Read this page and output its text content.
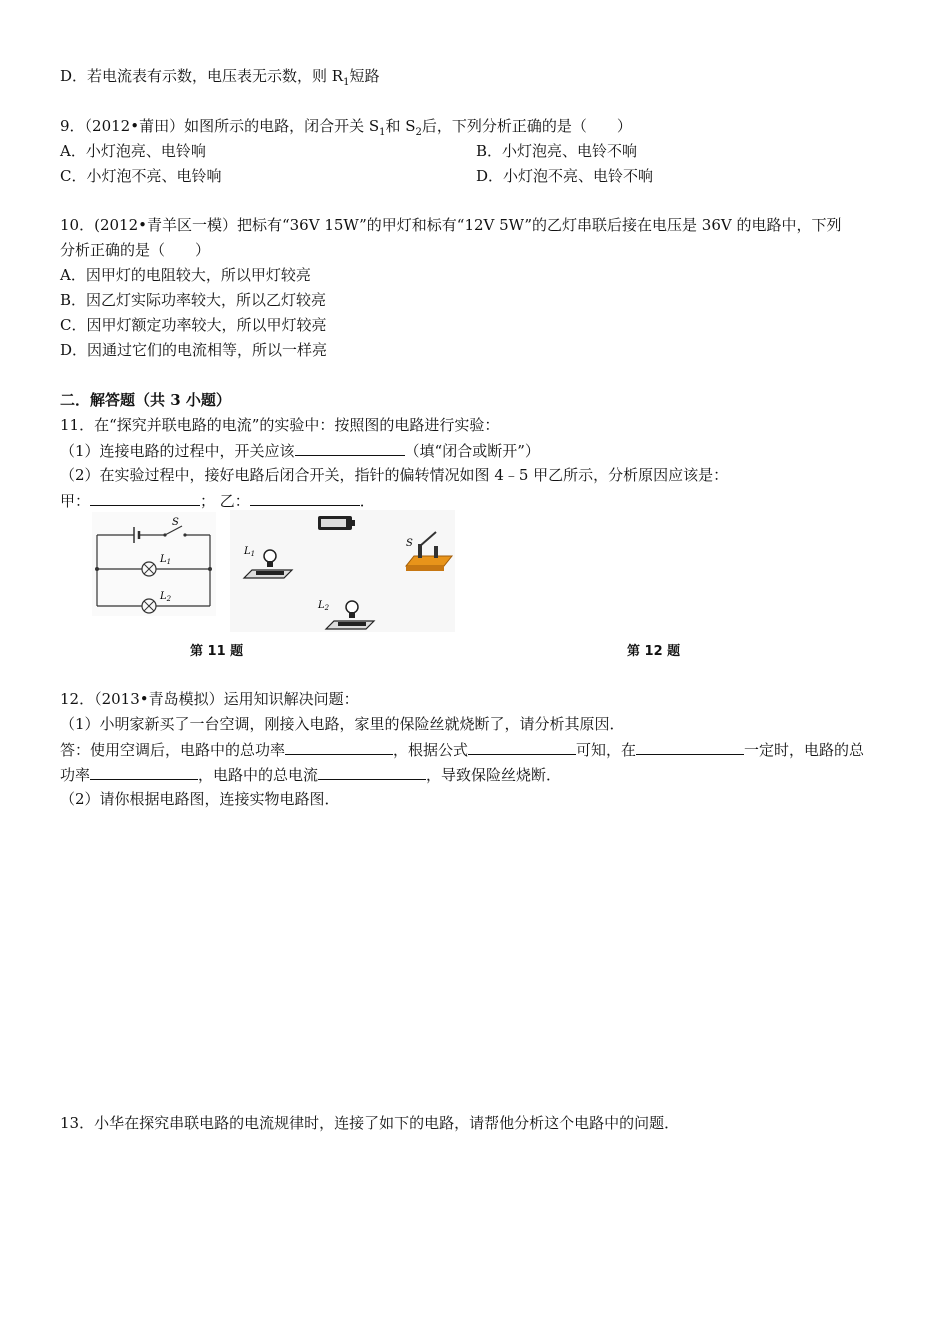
D．若电流表有示数，电压表无示数，则 $R_1$短路
9．（2012•莆田）如图所示的电路，闭合开关 $S_1$和 $S_2$后，下列分析正确的是（　　）
A．小灯泡亮、电铃响	B．小灯泡亮、电铃不响
C．小灯泡不亮、电铃响	D．小灯泡不亮、电铃不响
10．(2012•青羊区一模）把标有“36V 15W”的甲灯和标有“12V 5W”的乙灯串联后接在电压是 36V 的电路中，下列
分析正确的是（　　）
A．因甲灯的电阻较大，所以甲灯较亮
B．因乙灯实际功率较大，所以乙灯较亮
C．因甲灯额定功率较大，所以甲灯较亮
D．因通过它们的电流相等，所以一样亮
二．解答题（共 3 小题）
11．在“探究并联电路的电流”的实验中：按照图的电路进行实验：
（1）连接电路的过程中，开关应该	（填“闭合或断开”）
（2）在实验过程中，接好电路后闭合开关，指针的偏转情况如图 4﹣5 甲乙所示，分析原因应该是：
甲：	； 乙：	．
S
$L_1$
$L_2$
$L_1$
S
$L_2$
第 11 题	第 12 题
12．（2013•青岛模拟）运用知识解决问题：
（1）小明家新买了一台空调，刚接入电路，家里的保险丝就烧断了，请分析其原因．
答：使用空调后，电路中的总功率	，根据公式	可知，在	一定时，电路的总
功率	，电路中的总电流	，导致保险丝烧断．
（2）请你根据电路图，连接实物电路图．
13．小华在探究串联电路的电流规律时，连接了如下的电路，请帮他分析这个电路中的问题．
